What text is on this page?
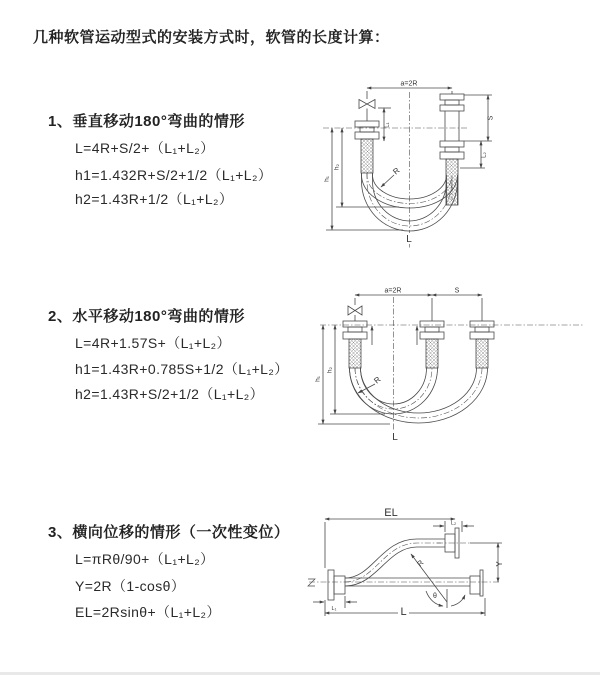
几种软管运动型式的安装方式时，软管的长度计算：
1、垂直移动180°弯曲的情形
L=4R+S/2+（L₁+L₂）
h1=1.432R+S/2+1/2（L₁+L₂）
h2=1.43R+1/2（L₁+L₂）
2、水平移动180°弯曲的情形
L=4R+1.57S+（L₁+L₂）
h1=1.43R+0.785S+1/2（L₁+L₂）
h2=1.43R+S/2+1/2（L₁+L₂）
3、横向位移的情形（一次性变位）
L=πRθ/90+（L₁+L₂）
Y=2R（1-cosθ）
EL=2Rsinθ+（L₁+L₂）
a=2R
h₁
h₂
L₁
S
L₂
R
L
a=2R	S
h₁
h₂
R
L
EL
L₂
L₁	L
Y
R
θ
